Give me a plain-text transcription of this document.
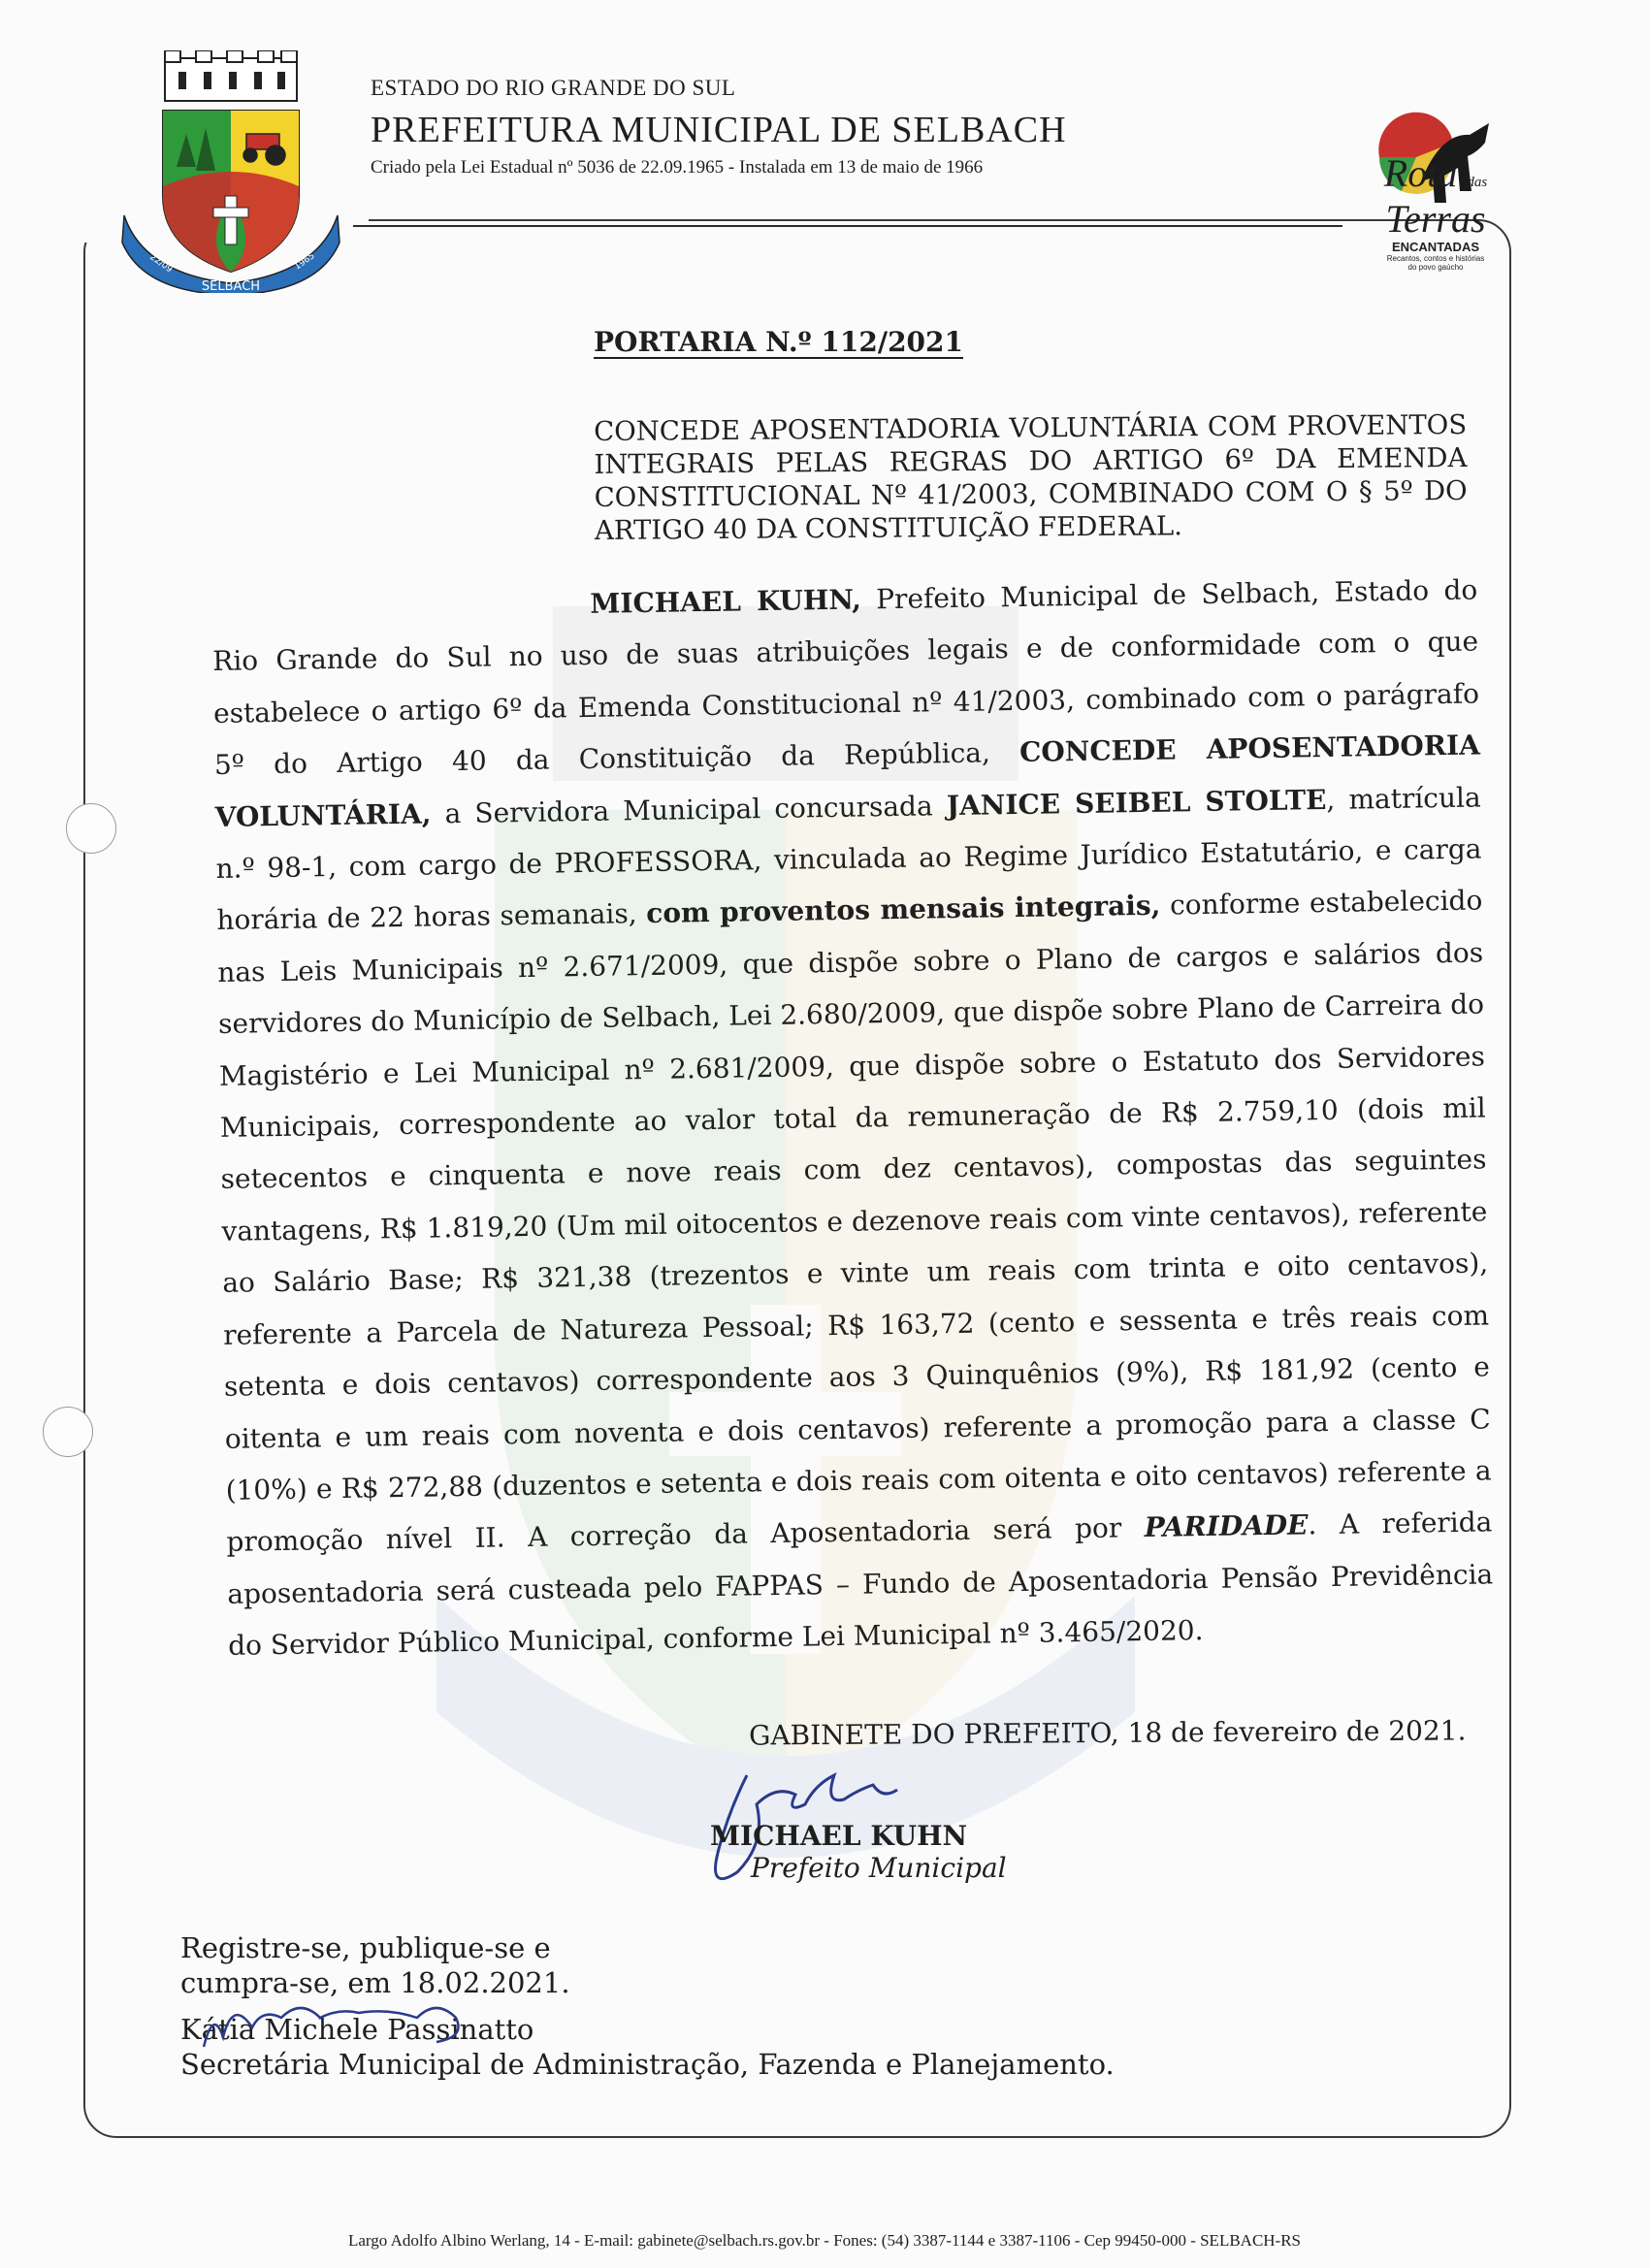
SELBACH
22/09	1965
ESTADO DO RIO GRANDE DO SUL
PREFEITURA MUNICIPAL DE SELBACH
Criado pela Lei Estadual nº 5036 de 22.09.1965 - Instalada em 13 de maio de 1966	Rota das
Terras
ENCANTADAS
Recantos, contos e histórias
do povo gaúcho
PORTARIA N.º 112/2021
CONCEDE APOSENTADORIA VOLUNTÁRIA COM PROVENTOS INTEGRAIS PELAS REGRAS DO ARTIGO 6º DA EMENDA CONSTITUCIONAL Nº 41/2003, COMBINADO COM O § 5º DO ARTIGO 40 DA CONSTITUIÇÃO FEDERAL.
MICHAEL KUHN, Prefeito Municipal de Selbach, Estado do Rio Grande do Sul no uso de suas atribuições legais e de conformidade com o que estabelece o artigo 6º da Emenda Constitucional nº 41/2003, combinado com o parágrafo 5º do Artigo 40 da Constituição da República, CONCEDE APOSENTADORIA VOLUNTÁRIA, a Servidora Municipal concursada JANICE SEIBEL STOLTE, matrícula n.º 98-1, com cargo de PROFESSORA, vinculada ao Regime Jurídico Estatutário, e carga horária de 22 horas semanais, com proventos mensais integrais, conforme estabelecido nas Leis Municipais nº 2.671/2009, que dispõe sobre o Plano de cargos e salários dos servidores do Município de Selbach, Lei 2.680/2009, que dispõe sobre Plano de Carreira do Magistério e Lei Municipal nº 2.681/2009, que dispõe sobre o Estatuto dos Servidores Municipais, correspondente ao valor total da remuneração de R$ 2.759,10 (dois mil setecentos e cinquenta e nove reais com dez centavos), compostas das seguintes vantagens, R$ 1.819,20 (Um mil oitocentos e dezenove reais com vinte centavos), referente ao Salário Base; R$ 321,38 (trezentos e vinte um reais com trinta e oito centavos), referente a Parcela de Natureza Pessoal; R$ 163,72 (cento e sessenta e três reais com setenta e dois centavos) correspondente aos 3 Quinquênios (9%), R$ 181,92 (cento e oitenta e um reais com noventa e dois centavos) referente a promoção para a classe C (10%) e R$ 272,88 (duzentos e setenta e dois reais com oitenta e oito centavos) referente a promoção nível II. A correção da Aposentadoria será por PARIDADE. A referida aposentadoria será custeada pelo FAPPAS – Fundo de Aposentadoria Pensão Previdência do Servidor Público Municipal, conforme Lei Municipal nº 3.465/2020.
GABINETE DO PREFEITO, 18 de fevereiro de 2021.
MICHAEL KUHN
Prefeito Municipal
Registre-se, publique-se e
cumpra-se, em 18.02.2021.
Kátia Michele Passinatto
Secretária Municipal de Administração, Fazenda e Planejamento.
Largo Adolfo Albino Werlang, 14 - E-mail: gabinete@selbach.rs.gov.br - Fones: (54) 3387-1144 e 3387-1106 - Cep 99450-000 - SELBACH-RS
